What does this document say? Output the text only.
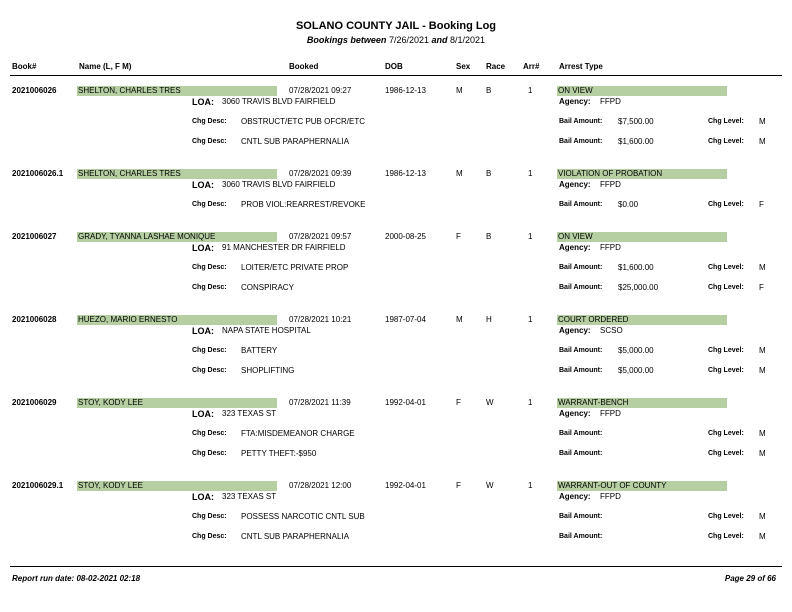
SOLANO COUNTY JAIL - Booking Log
Bookings between 7/26/2021 and 8/1/2021
Book#	Name (L, F M)	Booked	DOB	Sex Race Arr# Arrest Type
2021006026	SHELTON, CHARLES TRES	07/28/2021 09:27	1986-12-13	M	B	1	ON VIEW
LOA: 3060 TRAVIS BLVD FAIRFIELD	Agency: FFPD
Chg Desc: OBSTRUCT/ETC PUB OFCR/ETC	Bail Amount: $7,500.00	Chg Level: M
Chg Desc: CNTL SUB PARAPHERNALIA	Bail Amount: $1,600.00	Chg Level: M
2021006026.1 SHELTON, CHARLES TRES	07/28/2021 09:39	1986-12-13	M	B	1	VIOLATION OF PROBATION
LOA: 3060 TRAVIS BLVD FAIRFIELD	Agency: FFPD
Chg Desc: PROB VIOL:REARREST/REVOKE	Bail Amount: $0.00	Chg Level: F
2021006027	GRADY, TYANNA LASHAE MONIQUE	07/28/2021 09:57	2000-08-25	F	B	1	ON VIEW
LOA: 91 MANCHESTER DR FAIRFIELD	Agency: FFPD
Chg Desc: LOITER/ETC PRIVATE PROP	Bail Amount: $1,600.00	Chg Level: M
Chg Desc: CONSPIRACY	Bail Amount: $25,000.00	Chg Level: F
2021006028	HUEZO, MARIO ERNESTO	07/28/2021 10:21	1987-07-04	M	H	1	COURT ORDERED
LOA: NAPA STATE HOSPITAL	Agency: SCSO
Chg Desc: BATTERY	Bail Amount: $5,000.00	Chg Level: M
Chg Desc: SHOPLIFTING	Bail Amount: $5,000.00	Chg Level: M
2021006029	STOY, KODY LEE	07/28/2021 11:39	1992-04-01	F	W	1	WARRANT-BENCH
LOA: 323 TEXAS ST	Agency: FFPD
Chg Desc: FTA:MISDEMEANOR CHARGE	Bail Amount:	Chg Level: M
Chg Desc: PETTY THEFT:-$950	Bail Amount:	Chg Level: M
2021006029.1 STOY, KODY LEE	07/28/2021 12:00	1992-04-01	F	W	1	WARRANT-OUT OF COUNTY
LOA: 323 TEXAS ST	Agency: FFPD
Chg Desc: POSSESS NARCOTIC CNTL SUB	Bail Amount:	Chg Level: M
Chg Desc: CNTL SUB PARAPHERNALIA	Bail Amount:	Chg Level: M
Report run date: 08-02-2021 02:18	Page 29 of 66
